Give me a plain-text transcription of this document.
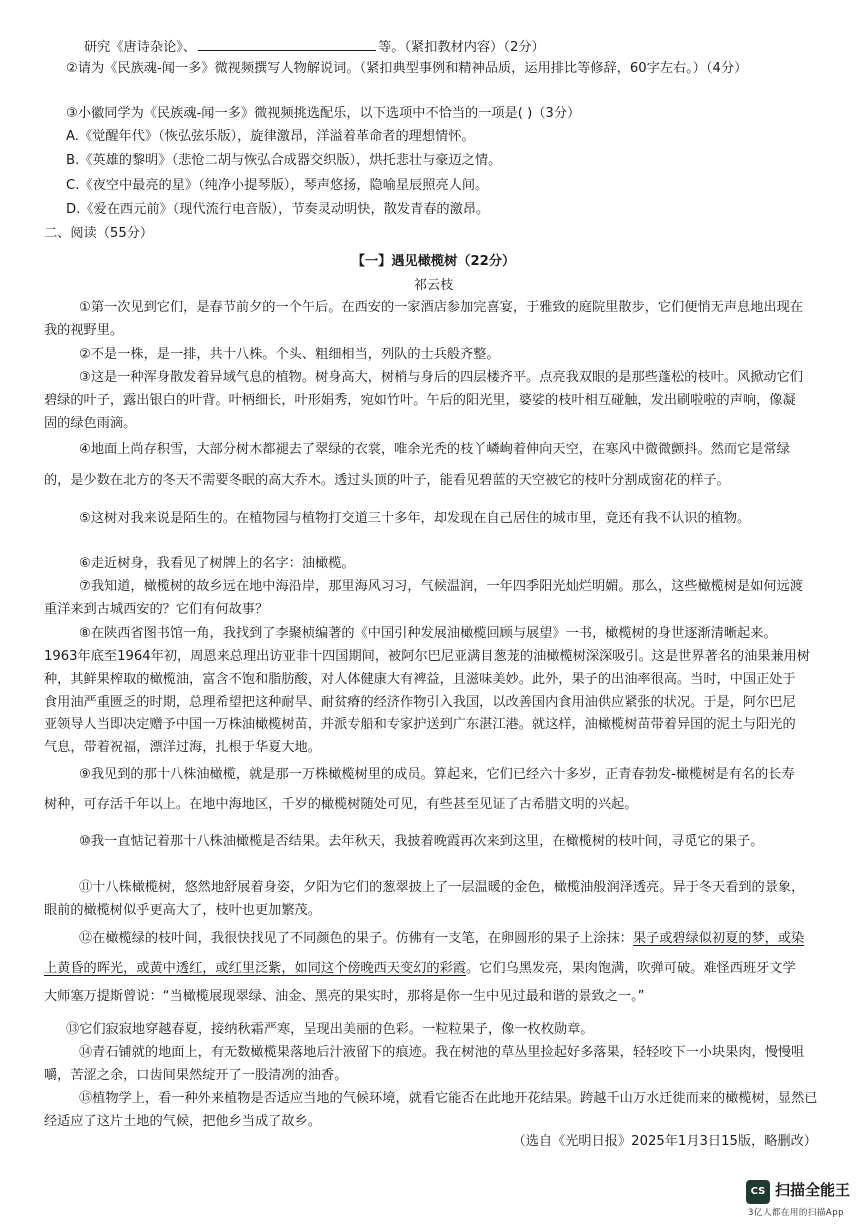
研究《唐诗杂论》、	等。（紧扣教材内容）（2分）
②请为《民族魂-闻一多》微视频撰写人物解说词。（紧扣典型事例和精神品质，运用排比等修辞，60字左右。）（4分）
③小徽同学为《民族魂-闻一多》微视频挑选配乐，以下选项中不恰当的一项是( )（3分）
A.《觉醒年代》（恢弘弦乐版），旋律激昂，洋溢着革命者的理想情怀。
B.《英雄的黎明》（悲怆二胡与恢弘合成器交织版），烘托悲壮与豪迈之情。
C.《夜空中最亮的星》（纯净小提琴版），琴声悠扬，隐喻星辰照亮人间。
D.《爱在西元前》（现代流行电音版），节奏灵动明快，散发青春的激昂。
二、阅读（55分）
【一】遇见橄榄树（22分）
祁云枝
①第一次见到它们，是春节前夕的一个午后。在西安的一家酒店参加完喜宴，于雅致的庭院里散步，它们便悄无声息地出现在
我的视野里。
②不是一株，是一排，共十八株。个头、粗细相当，列队的士兵般齐整。
③这是一种浑身散发着异域气息的植物。树身高大，树梢与身后的四层楼齐平。点亮我双眼的是那些蓬松的枝叶。风掀动它们
碧绿的叶子，露出银白的叶背。叶柄细长，叶形娟秀，宛如竹叶。午后的阳光里，婆娑的枝叶相互碰触，发出刷啦啦的声响，像凝
固的绿色雨滴。
④地面上尚存积雪，大部分树木都褪去了翠绿的衣裳，唯余光秃的枝丫嶙峋着伸向天空，在寒风中微微颤抖。然而它是常绿
的，是少数在北方的冬天不需要冬眠的高大乔木。透过头顶的叶子，能看见碧蓝的天空被它的枝叶分割成窗花的样子。
⑤这树对我来说是陌生的。在植物园与植物打交道三十多年，却发现在自己居住的城市里，竟还有我不认识的植物。
⑥走近树身，我看见了树牌上的名字：油橄榄。
⑦我知道，橄榄树的故乡远在地中海沿岸，那里海风习习，气候温润，一年四季阳光灿烂明媚。那么，这些橄榄树是如何远渡
重洋来到古城西安的？它们有何故事？
⑧在陕西省图书馆一角，我找到了李聚桢编著的《中国引种发展油橄榄回顾与展望》一书，橄榄树的身世逐渐清晰起来。
1963年底至1964年初，周恩来总理出访亚非十四国期间，被阿尔巴尼亚满目葱茏的油橄榄树深深吸引。这是世界著名的油果兼用树
种，其鲜果榨取的橄榄油，富含不饱和脂肪酸，对人体健康大有裨益，且滋味美妙。此外，果子的出油率很高。当时，中国正处于
食用油严重匮乏的时期，总理希望把这种耐旱、耐贫瘠的经济作物引入我国，以改善国内食用油供应紧张的状况。于是，阿尔巴尼
亚领导人当即决定赠予中国一万株油橄榄树苗，并派专船和专家护送到广东湛江港。就这样，油橄榄树苗带着异国的泥土与阳光的
气息，带着祝福，漂洋过海，扎根于华夏大地。
⑨我见到的那十八株油橄榄，就是那一万株橄榄树里的成员。算起来，它们已经六十多岁，正青春勃发-橄榄树是有名的长寿
树种，可存活千年以上。在地中海地区，千岁的橄榄树随处可见，有些甚至见证了古希腊文明的兴起。
⑩我一直惦记着那十八株油橄榄是否结果。去年秋天，我披着晚霞再次来到这里，在橄榄树的枝叶间，寻觅它的果子。
⑪十八株橄榄树，悠然地舒展着身姿，夕阳为它们的葱翠披上了一层温暖的金色，橄榄油般润泽透亮。异于冬天看到的景象，
眼前的橄榄树似乎更高大了，枝叶也更加繁茂。
⑫在橄榄绿的枝叶间，我很快找见了不同颜色的果子。仿佛有一支笔，在卵圆形的果子上涂抹：果子或碧绿似初夏的梦，或染
上黄昏的晖光，或黄中透红，或红里泛紫，如同这个傍晚西天变幻的彩霞。它们乌黑发亮，果肉饱满，吹弹可破。难怪西班牙文学
大师塞万提斯曾说：“当橄榄展现翠绿、油金、黑亮的果实时，那将是你一生中见过最和谐的景致之一。”
⑬它们寂寂地穿越春夏，接纳秋霜严寒，呈现出美丽的色彩。一粒粒果子，像一枚枚勋章。
⑭青石铺就的地面上，有无数橄榄果落地后汁液留下的痕迹。我在树池的草丛里捡起好多落果，轻轻咬下一小块果肉，慢慢咀
嚼，苦涩之余，口齿间果然绽开了一股清冽的油香。
⑮植物学上，看一种外来植物是否适应当地的气候环境，就看它能否在此地开花结果。跨越千山万水迁徙而来的橄榄树，显然已
经适应了这片土地的气候，把他乡当成了故乡。
（选自《光明日报》2025年1月3日15版，略删改）
CS 扫描全能王
3亿人都在用的扫描App
